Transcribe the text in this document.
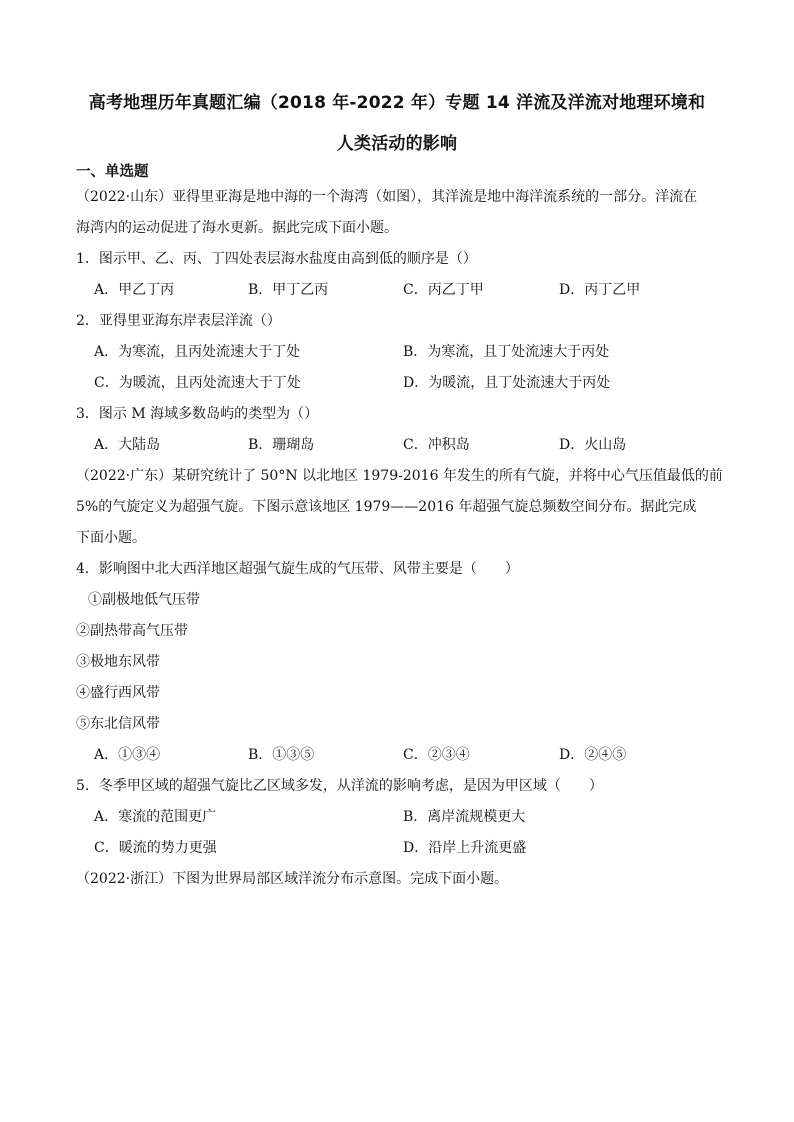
高考地理历年真题汇编（2018 年-2022 年）专题 14 洋流及洋流对地理环境和
人类活动的影响
一、单选题
（2022·山东）亚得里亚海是地中海的一个海湾（如图），其洋流是地中海洋流系统的一部分。洋流在
海湾内的运动促进了海水更新。据此完成下面小题。
1．图示甲、乙、丙、丁四处表层海水盐度由高到低的顺序是（）
A．甲乙丁丙	B．甲丁乙丙	C．丙乙丁甲	D．丙丁乙甲
2．亚得里亚海东岸表层洋流（）
A．为寒流，且丙处流速大于丁处	B．为寒流，且丁处流速大于丙处
C．为暖流，且丙处流速大于丁处	D．为暖流，且丁处流速大于丙处
3．图示 M 海域多数岛屿的类型为（）
A．大陆岛	B．珊瑚岛	C．冲积岛	D．火山岛
（2022·广东）某研究统计了 50°N 以北地区 1979-2016 年发生的所有气旋，并将中心气压值最低的前
5%的气旋定义为超强气旋。下图示意该地区 1979——2016 年超强气旋总频数空间分布。据此完成
下面小题。
4．影响图中北大西洋地区超强气旋生成的气压带、风带主要是（　　）
①副极地低气压带
②副热带高气压带
③极地东风带
④盛行西风带
⑤东北信风带
A．①③④	B．①③⑤	C．②③④	D．②④⑤
5．冬季甲区域的超强气旋比乙区域多发，从洋流的影响考虑，是因为甲区域（　　）
A．寒流的范围更广	B．离岸流规模更大
C．暖流的势力更强	D．沿岸上升流更盛
（2022·浙江）下图为世界局部区域洋流分布示意图。完成下面小题。
